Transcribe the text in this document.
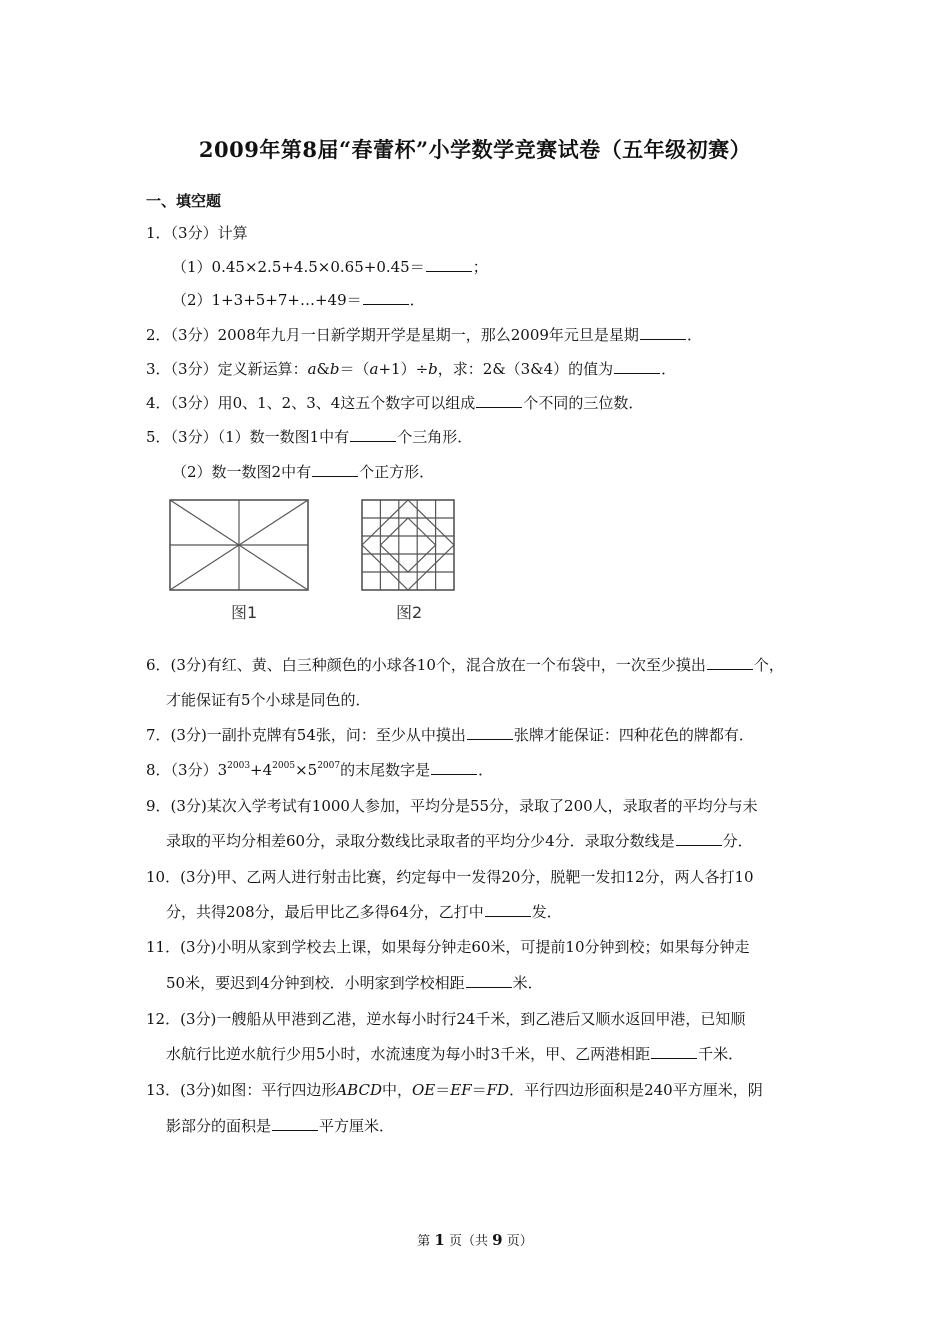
2009年第8届“春蕾杯”小学数学竞赛试卷（五年级初赛）
一、填空题
1．（3分）计算
（1）0.45×2.5+4.5×0.65+0.45＝	；
（2）1+3+5+7+…+49＝	．
2．（3分）2008年九月一日新学期开学是星期一，那么2009年元旦是星期	．
3．（3分）定义新运算：a&b＝（a+1）÷b，求：2&（3&4）的值为	．
4．（3分）用0、1、2、3、4这五个数字可以组成	个不同的三位数．
5．（3分）（1）数一数图1中有	个三角形．
（2）数一数图2中有	个正方形．
图1	图2
6．(3分)有红、黄、白三种颜色的小球各10个，混合放在一个布袋中，一次至少摸出	个，
才能保证有5个小球是同色的．
7．(3分)一副扑克牌有54张，问：至少从中摸出	张牌才能保证：四种花色的牌都有．
8．（3分）$3^{2003}+4^{2005}\times 5^{2007}$的末尾数字是	．
9．(3分)某次入学考试有1000人参加，平均分是55分，录取了200人，录取者的平均分与未
录取的平均分相差60分，录取分数线比录取者的平均分少4分．录取分数线是	分．
10．(3分)甲、乙两人进行射击比赛，约定每中一发得20分，脱靶一发扣12分，两人各打10
分，共得208分，最后甲比乙多得64分，乙打中	发．
11．(3分)小明从家到学校去上课，如果每分钟走60米，可提前10分钟到校；如果每分钟走
50米，要迟到4分钟到校．小明家到学校相距	米．
12．(3分)一艘船从甲港到乙港，逆水每小时行24千米，到乙港后又顺水返回甲港，已知顺
水航行比逆水航行少用5小时，水流速度为每小时3千米，甲、乙两港相距	千米．
13．(3分)如图：平行四边形ABCD中，OE＝EF＝FD．平行四边形面积是240平方厘米，阴
影部分的面积是	平方厘米．
第 1 页（共 9 页）
